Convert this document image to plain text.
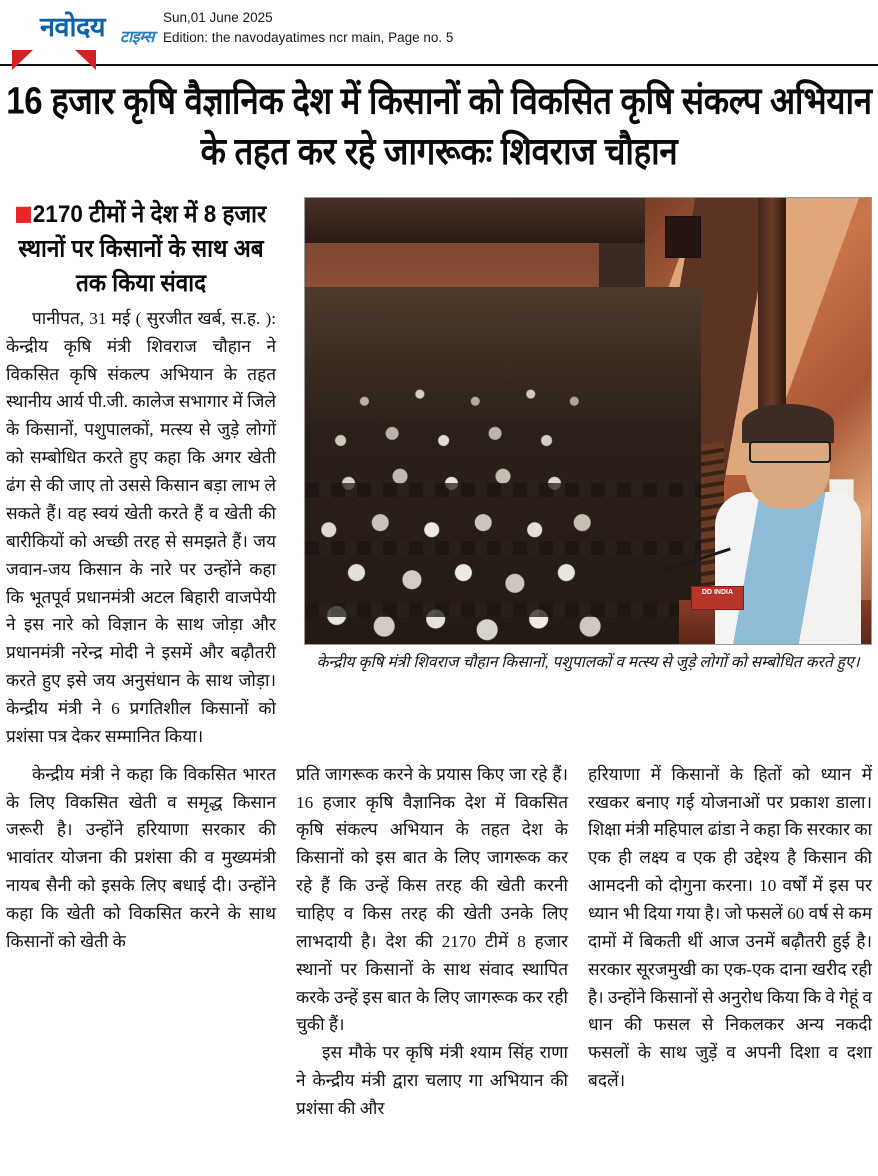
नवोदय टाइम्स
Sun,01 June 2025
Edition: the navodayatimes ncr main, Page no. 5
16 हजार कृषि वैज्ञानिक देश में किसानों को विकसित कृषि संकल्प अभियान के तहत कर रहे जागरूकः शिवराज चौहान
2170 टीमों ने देश में 8 हजार स्थानों पर किसानों के साथ अब तक किया संवाद

पानीपत, 31 मई ( सुरजीत खर्ब, स.ह. ): केन्द्रीय कृषि मंत्री शिवराज चौहान ने विकसित कृषि संकल्प अभियान के तहत स्थानीय आर्य पी.जी. कालेज सभागार में जिले के किसानों, पशुपालकों, मत्स्य से जुड़े लोगों को सम्बोधित करते हुए कहा कि अगर खेती ढंग से की जाए तो उससे किसान बड़ा लाभ ले सकते हैं। वह स्वयं खेती करते हैं व खेती की बारीकियों को अच्छी तरह से समझते हैं। जय जवान-जय किसान के नारे पर उन्होंने कहा कि भूतपूर्व प्रधानमंत्री अटल बिहारी वाजपेयी ने इस नारे को विज्ञान के साथ जोड़ा और प्रधानमंत्री नरेन्द्र मोदी ने इसमें और बढ़ौतरी करते हुए इसे जय अनुसंधान के साथ जोड़ा। केन्द्रीय मंत्री ने 6 प्रगतिशील किसानों को प्रशंसा पत्र देकर सम्मानित किया।

DD INDIA
केन्द्रीय कृषि मंत्री शिवराज चौहान किसानों, पशुपालकों व मत्स्य से जुड़े लोगों को सम्बोधित करते हुए।

केन्द्रीय मंत्री ने कहा कि विकसित भारत के लिए विकसित खेती व समृद्ध किसान जरूरी है। उन्होंने हरियाणा सरकार की भावांतर योजना की प्रशंसा की व मुख्यमंत्री नायब सैनी को इसके लिए बधाई दी। उन्होंने कहा कि खेती को विकसित करने के साथ किसानों को खेती के

प्रति जागरूक करने के प्रयास किए जा रहे हैं। 16 हजार कृषि वैज्ञानिक देश में विकसित कृषि संकल्प अभियान के तहत देश के किसानों को इस बात के लिए जागरूक कर रहे हैं कि उन्हें किस तरह की खेती करनी चाहिए व किस तरह की खेती उनके लिए लाभदायी है। देश की 2170 टीमें 8 हजार स्थानों पर किसानों के साथ संवाद स्थापित करके उन्हें इस बात के लिए जागरूक कर रही चुकी हैं।

इस मौके पर कृषि मंत्री श्याम सिंह राणा ने केन्द्रीय मंत्री द्वारा चलाए गा अभियान की प्रशंसा की और

हरियाणा में किसानों के हितों को ध्यान में रखकर बनाए गई योजनाओं पर प्रकाश डाला। शिक्षा मंत्री महिपाल ढांडा ने कहा कि सरकार का एक ही लक्ष्य व एक ही उद्देश्य है किसान की आमदनी को दोगुना करना। 10 वर्षों में इस पर ध्यान भी दिया गया है। जो फसलें 60 वर्ष से कम दामों में बिकती थीं आज उनमें बढ़ौतरी हुई है। सरकार सूरजमुखी का एक-एक दाना खरीद रही है। उन्होंने किसानों से अनुरोध किया कि वे गेहूं व धान की फसल से निकलकर अन्य नकदी फसलों के साथ जुड़ें व अपनी दिशा व दशा बदलें।
